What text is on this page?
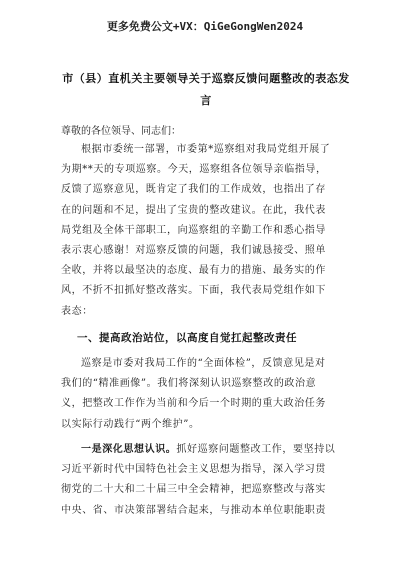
更多免费公文+VX：QiGeGongWen2024
市（县）直机关主要领导关于巡察反馈问题整改的表态发
言
尊敬的各位领导、同志们：
根据市委统一部署，市委第*巡察组对我局党组开展了
为期**天的专项巡察。今天，巡察组各位领导亲临指导，
反馈了巡察意见，既肯定了我们的工作成效，也指出了存
在的问题和不足，提出了宝贵的整改建议。在此，我代表
局党组及全体干部职工，向巡察组的辛勤工作和悉心指导
表示衷心感谢！对巡察反馈的问题，我们诚恳接受、照单
全收，并将以最坚决的态度、最有力的措施、最务实的作
风，不折不扣抓好整改落实。下面，我代表局党组作如下
表态：
一、提高政治站位，以高度自觉扛起整改责任
巡察是市委对我局工作的“全面体检”，反馈意见是对
我们的“精准画像”。我们将深刻认识巡察整改的政治意
义，把整改工作作为当前和今后一个时期的重大政治任务
以实际行动践行“两个维护”。
一是深化思想认识。抓好巡察问题整改工作，要坚持以
习近平新时代中国特色社会主义思想为指导，深入学习贯
彻党的二十大和二十届三中全会精神，把巡察整改与落实
中央、省、市决策部署结合起来，与推动本单位职能职责
